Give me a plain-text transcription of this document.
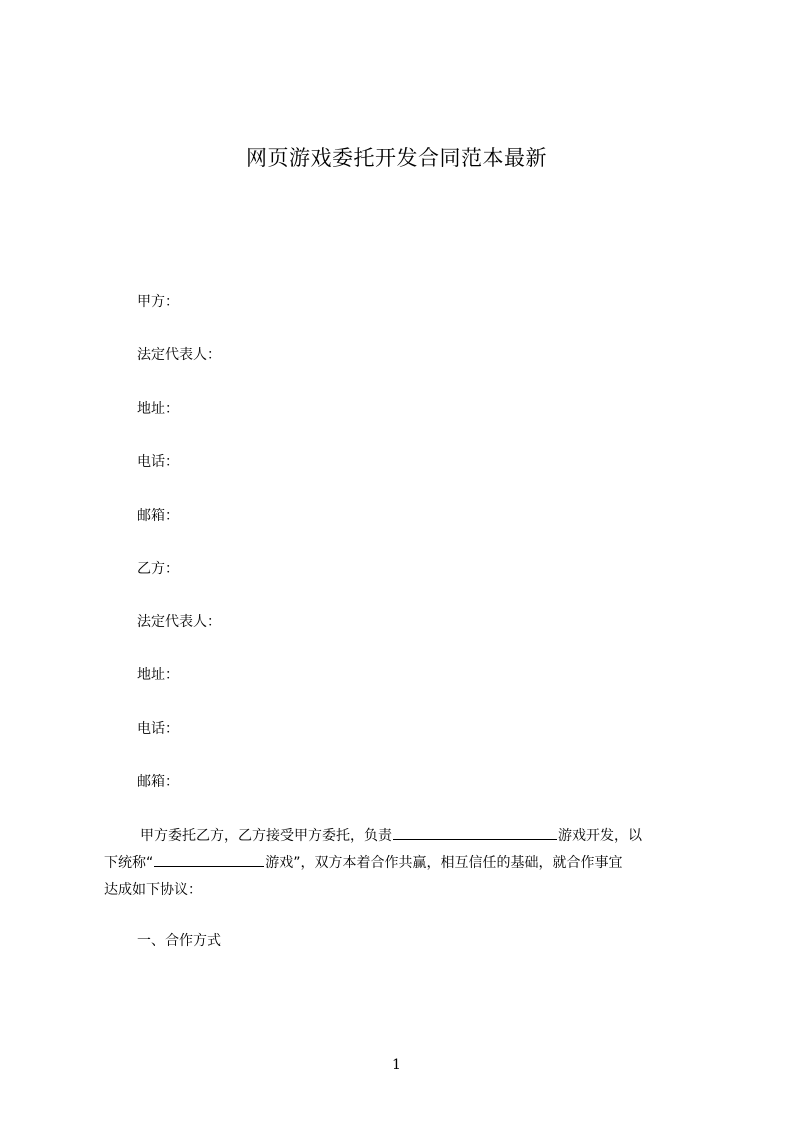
网页游戏委托开发合同范本最新
甲方：
法定代表人：
地址：
电话：
邮箱：
乙方：
法定代表人：
地址：
电话：
邮箱：
甲方委托乙方，乙方接受甲方委托，负责	游戏开发，以
下统称“	游戏”，双方本着合作共赢，相互信任的基础，就合作事宜
达成如下协议：
一、合作方式
1
